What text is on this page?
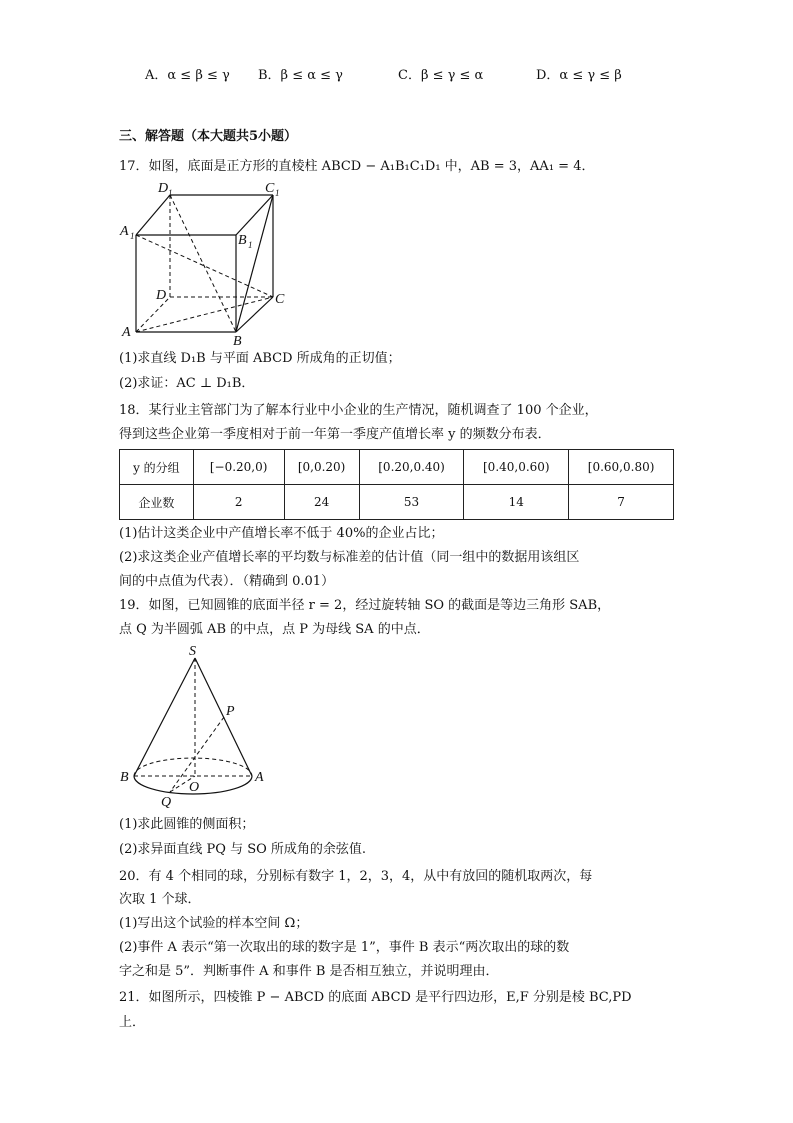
A．α ≤ β ≤ γ B．β ≤ α ≤ γ	C．β ≤ γ ≤ α	D．α ≤ γ ≤ β
三、解答题（本大题共5小题）
17．如图，底面是正方形的直棱柱 ABCD − A₁B₁C₁D₁ 中，AB = 3，AA₁ = 4．
D 1	C 1
A 1	B 1
D	C
A
B
(1)求直线 D₁B 与平面 ABCD 所成角的正切值；
(2)求证：AC ⊥ D₁B．
18．某行业主管部门为了解本行业中小企业的生产情况，随机调查了 100 个企业，
得到这些企业第一季度相对于前一年第一季度产值增长率 y 的频数分布表．
y 的分组	[−0.20,0)	[0,0.20)	[0.20,0.40)	[0.40,0.60)	[0.60,0.80)
企业数	2	24	53	14	7
(1)估计这类企业中产值增长率不低于 40%的企业占比；
(2)求这类企业产值增长率的平均数与标准差的估计值（同一组中的数据用该组区
间的中点值为代表）．（精确到 0.01）
19．如图，已知圆锥的底面半径 r = 2，经过旋转轴 SO 的截面是等边三角形 SAB，
点 Q 为半圆弧 AB 的中点，点 P 为母线 SA 的中点．
S
P
B
O
A
Q
(1)求此圆锥的侧面积；
(2)求异面直线 PQ 与 SO 所成角的余弦值.
20．有 4 个相同的球，分别标有数字 1，2，3，4，从中有放回的随机取两次，每
次取 1 个球．
(1)写出这个试验的样本空间 Ω；
(2)事件 A 表示“第一次取出的球的数字是 1”，事件 B 表示“两次取出的球的数
字之和是 5”．判断事件 A 和事件 B 是否相互独立，并说明理由．
21．如图所示，四棱锥 P − ABCD 的底面 ABCD 是平行四边形，E,F 分别是棱 BC,PD
上．
